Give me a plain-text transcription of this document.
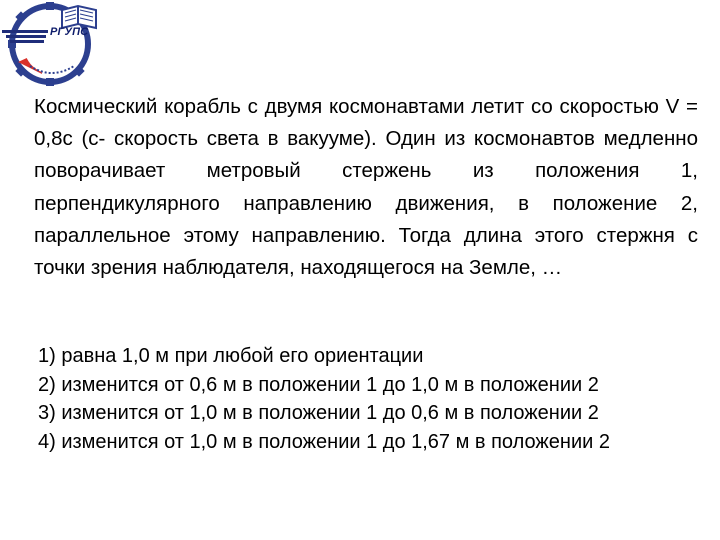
РГУПС

Космический корабль с двумя космонавтами летит со скоростью V = 0,8с (с- скорость света в вакууме). Один из космонавтов медленно поворачивает метровый стержень из положения 1, перпендикулярного направлению движения, в положение 2, параллельное этому направлению. Тогда длина этого стержня с точки зрения наблюдателя, находящегося на Земле, …

1) равна 1,0 м при любой его ориентации
2) изменится от 0,6 м в положении 1 до 1,0 м в положении 2
3) изменится от 1,0 м в положении 1 до 0,6 м в положении 2
4) изменится от 1,0 м в положении 1 до 1,67 м в положении 2
